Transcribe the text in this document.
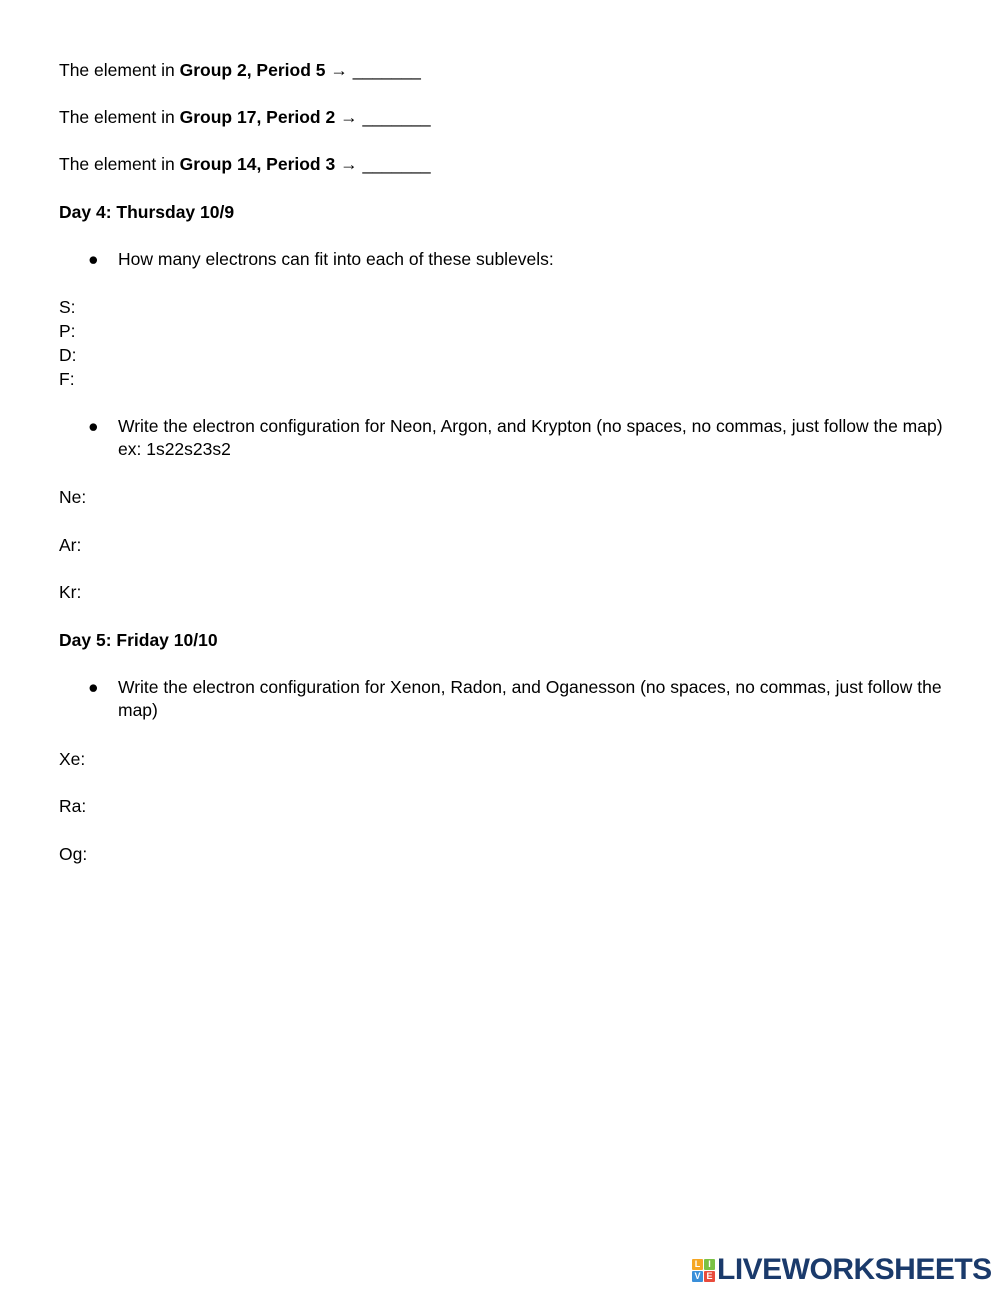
The element in Group 2, Period 5 → _______
The element in Group 17, Period 2 → _______
The element in Group 14, Period 3 → _______
Day 4: Thursday 10/9
● How many electrons can fit into each of these sublevels:
S:
P:
D:
F:
● Write the electron configuration for Neon, Argon, and Krypton (no spaces, no commas, just follow the map) ex: 1s22s23s2
Ne:
Ar:
Kr:
Day 5: Friday 10/10
● Write the electron configuration for Xenon, Radon, and Oganesson (no spaces, no commas, just follow the map)
Xe:
Ra:
Og:
L I
V E LIVEWORKSHEETS
